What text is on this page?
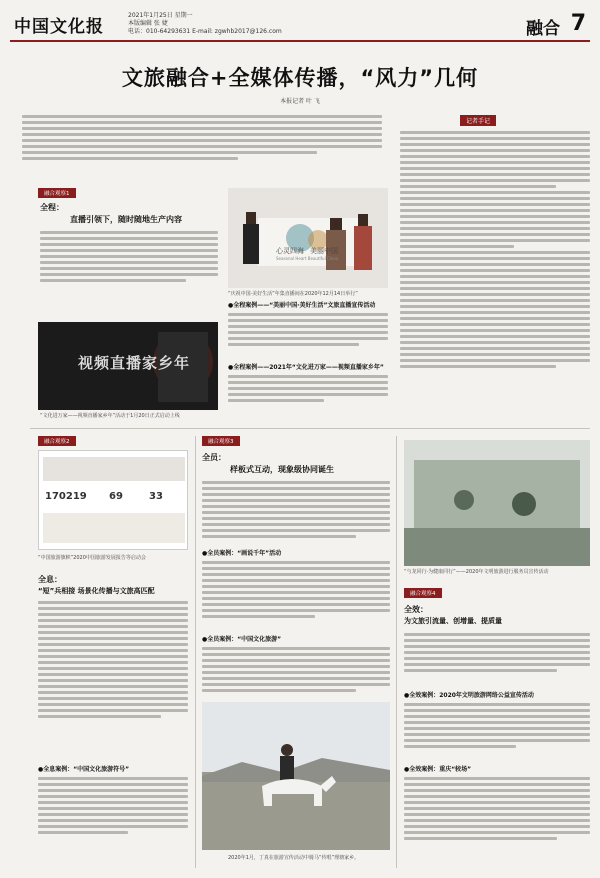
中国文化报
2021年1月25日 星期一
本版编辑 张 婕
电话：010-64293631 E-mail: zgwhb2017@126.com	融合 7
文旅融合+全媒体传播，“风力”几何
本报记者 叶 飞
记者手记
融合观察1
全程：
直播引领下，随时随地生产内容
心灵四海 美丽中国
Seasonal Heart Beautiful China
“庆祝中国·美好生活”年集直播间在2020年12月14日举行”
视频直播家乡年
“文化进万家——视频直播家乡年”活动于1月20日正式启动上线
●全程案例——“美丽中国·美好生活”文旅直播宣传活动
●全程案例——2021年“文化进万家——视频直播家乡年”
融合观察2
170219 69	33
“中国旅游旗帜”2020中国旅游发展报告等启动会
全息：
“短”兵相接 场景化传播与文旅高匹配
●全息案例：“中国文化旅游符号”
融合观察3
全员：
样板式互动，现象级协同诞生
●全员案例：“画说千年”活动
●全员案例：“中国文化旅游”
2020年1月，丁真在旅游宣传活动中骑马“传唱”理塘家乡。
“与龙同行·为健康同行”——2020年文明旅游进行服务员宣传活动
融合观察4
全效：
为文旅引流量、创增量、提质量
●全效案例：2020年文明旅游网络公益宣传活动
●全效案例：重庆“较场”
